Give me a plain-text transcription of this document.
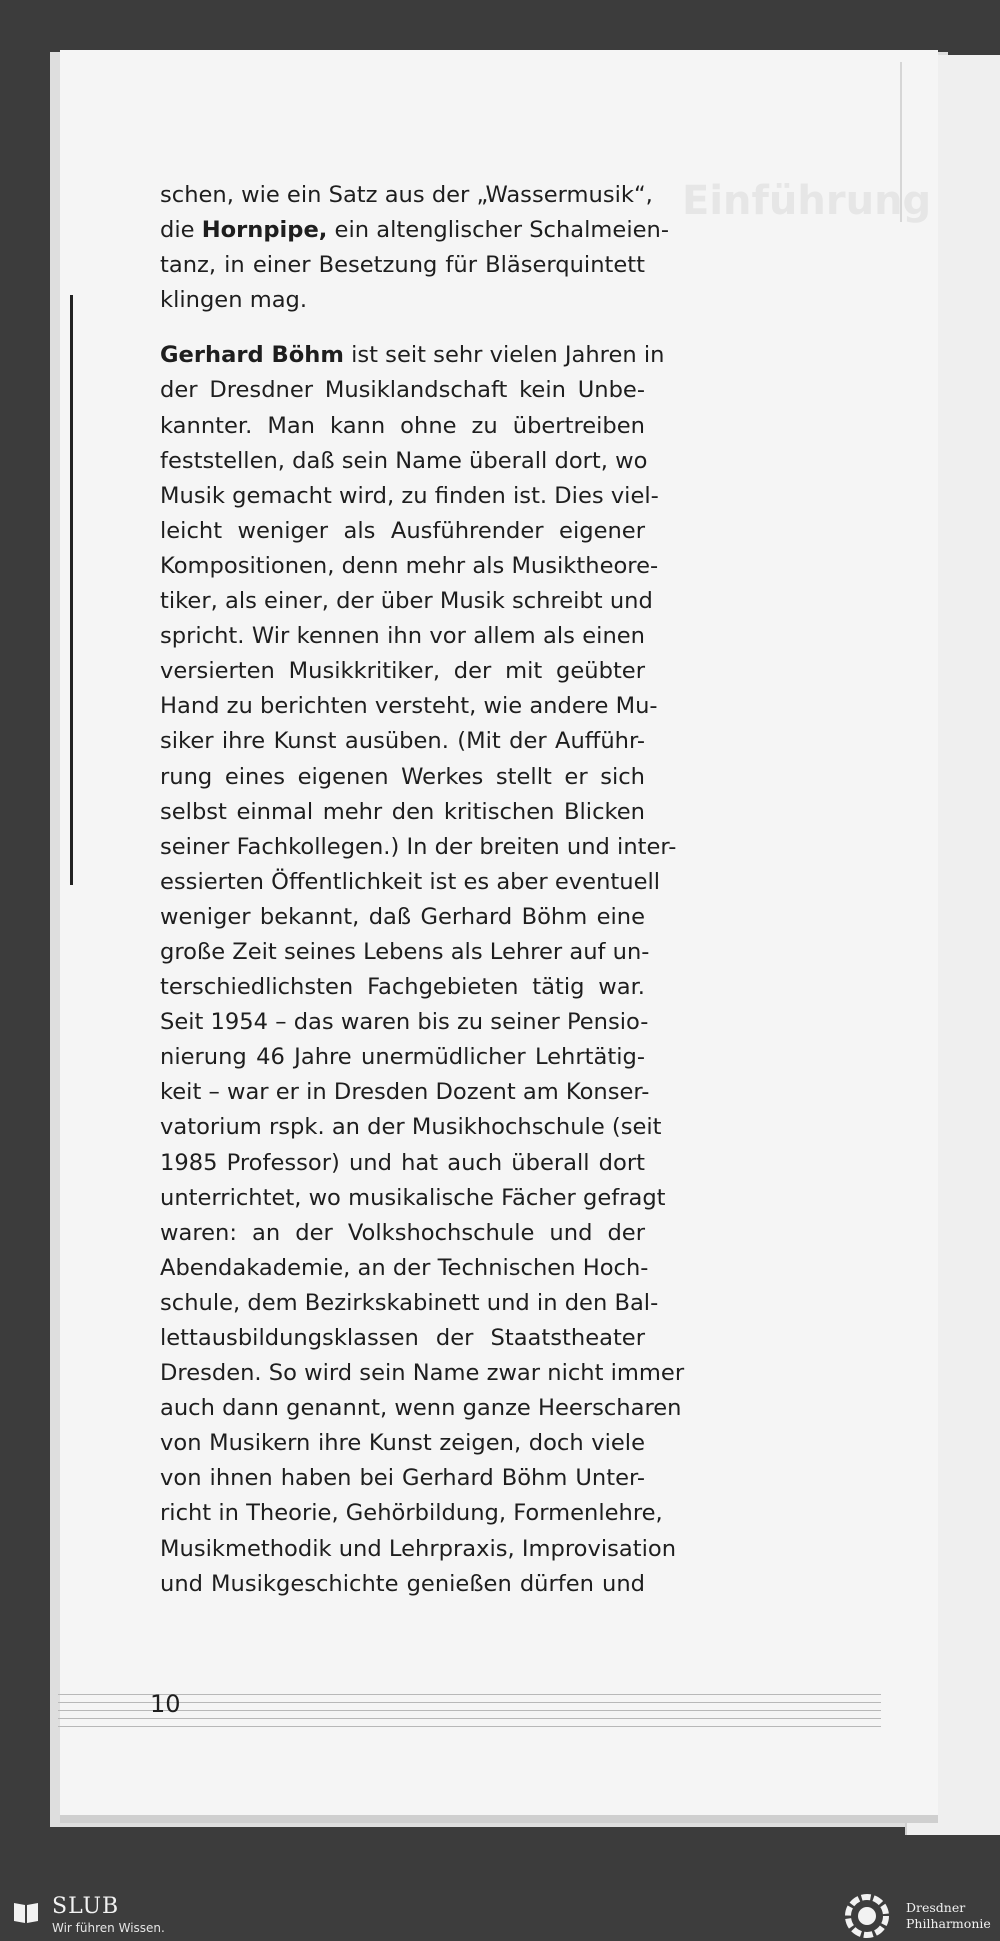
Einführung
schen, wie ein Satz aus der „Wassermusik“,
die Hornpipe, ein altenglischer Schalmeien-
tanz, in einer Besetzung für Bläserquintett
klingen mag.
Gerhard Böhm ist seit sehr vielen Jahren in
der Dresdner Musiklandschaft kein Unbe-
kannter. Man kann ohne zu übertreiben
feststellen, daß sein Name überall dort, wo
Musik gemacht wird, zu finden ist. Dies viel-
leicht weniger als Ausführender eigener
Kompositionen, denn mehr als Musiktheore-
tiker, als einer, der über Musik schreibt und
spricht. Wir kennen ihn vor allem als einen
versierten Musikkritiker, der mit geübter
Hand zu berichten versteht, wie andere Mu-
siker ihre Kunst ausüben. (Mit der Aufführ-
rung eines eigenen Werkes stellt er sich
selbst einmal mehr den kritischen Blicken
seiner Fachkollegen.) In der breiten und inter-
essierten Öffentlichkeit ist es aber eventuell
weniger bekannt, daß Gerhard Böhm eine
große Zeit seines Lebens als Lehrer auf un-
terschiedlichsten Fachgebieten tätig war.
Seit 1954 – das waren bis zu seiner Pensio-
nierung 46 Jahre unermüdlicher Lehrtätig-
keit – war er in Dresden Dozent am Konser-
vatorium rspk. an der Musikhochschule (seit
1985 Professor) und hat auch überall dort
unterrichtet, wo musikalische Fächer gefragt
waren: an der Volkshochschule und der
Abendakademie, an der Technischen Hoch-
schule, dem Bezirkskabinett und in den Bal-
lettausbildungsklassen der Staatstheater
Dresden. So wird sein Name zwar nicht immer
auch dann genannt, wenn ganze Heerscharen
von Musikern ihre Kunst zeigen, doch viele
von ihnen haben bei Gerhard Böhm Unter-
richt in Theorie, Gehörbildung, Formenlehre,
Musikmethodik und Lehrpraxis, Improvisation
und Musikgeschichte genießen dürfen und
10
SLUB
Wir führen Wissen.
Dresdner
Philharmonie
